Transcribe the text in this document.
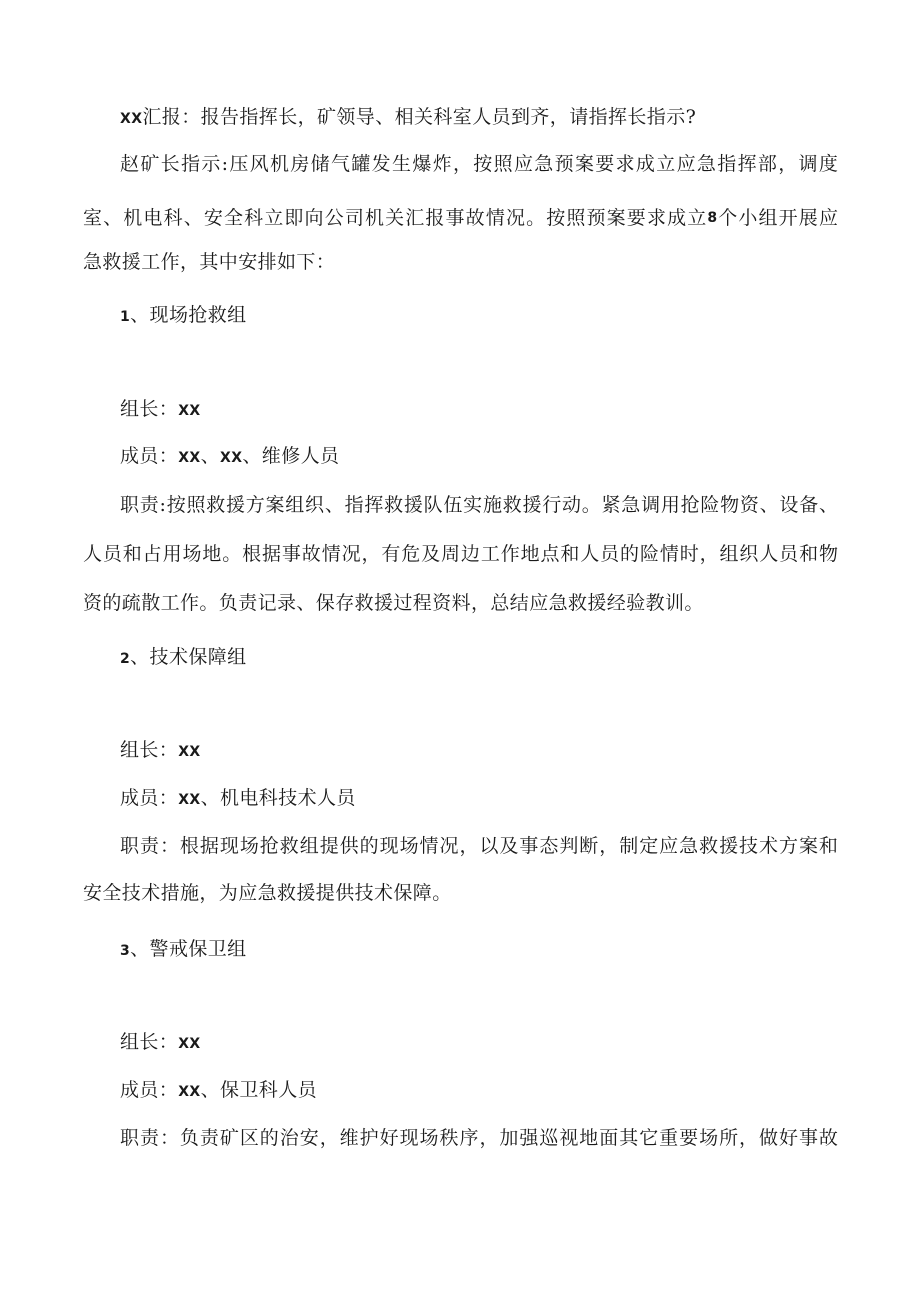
XX汇报：报告指挥长，矿领导、相关科室人员到齐，请指挥长指示?
赵 矿 长 指 示 : 压 风 机 房 储 气 罐 发 生 爆 炸 ， 按 照 应 急 预 案 要 求 成 立 应 急 指 挥 部 ， 调 度
室 、 机 电 科 、 安 全 科 立 即 向 公 司 机 关 汇 报 事 故 情 况 。 按 照 预 案 要 求 成 立 8 个 小 组 开 展 应
急救援工作，其中安排如下：
1、现场抢救组
组长：XX
成员：XX、XX、维修人员
职 责 : 按 照 救 援 方 案 组 织 、 指 挥 救 援 队 伍 实 施 救 援 行 动 。 紧 急 调 用 抢 险 物 资 、 设 备 、
人 员 和 占 用 场 地 。 根 据 事 故 情 况 ， 有 危 及 周 边 工 作 地 点 和 人 员 的 险 情 时 ， 组 织 人 员 和 物
资的疏散工作。负责记录、保存救援过程资料，总结应急救援经验教训。
2、技术保障组
组长：XX
成员：XX、机电科技术人员
职 责 ： 根 据 现 场 抢 救 组 提 供 的 现 场 情 况 ， 以 及 事 态 判 断 ， 制 定 应 急 救 援 技 术 方 案 和
安全技术措施，为应急救援提供技术保障。
3、警戒保卫组
组长：XX
成员：XX、保卫科人员
职 责 ： 负 责 矿 区 的 治 安 ， 维 护 好 现 场 秩 序 ， 加 强 巡 视 地 面 其 它 重 要 场 所 ， 做 好 事 故
